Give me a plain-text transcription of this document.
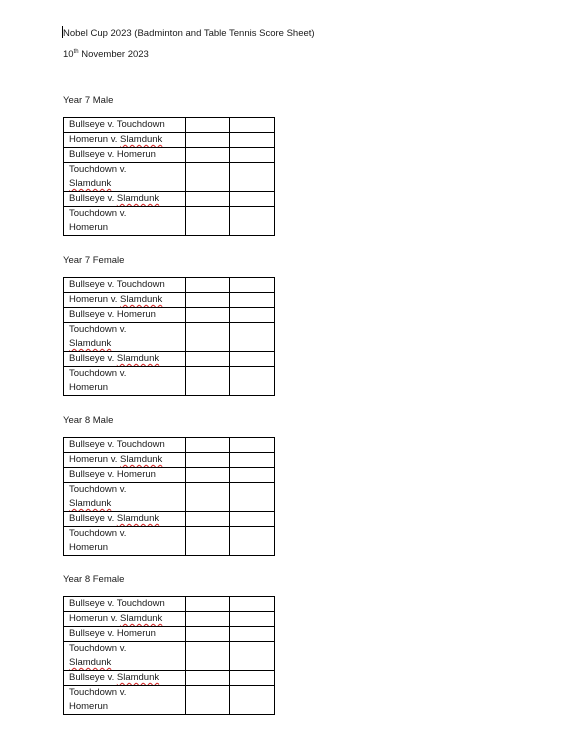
Nobel Cup 2023 (Badminton and Table Tennis Score Sheet)
10th November 2023
Year 7 Male
Bullseye v. Touchdown		
Homerun v. Slamdunk		
Bullseye v. Homerun		
Touchdown v.
Slamdunk		
Bullseye v. Slamdunk		
Touchdown v.
Homerun		
Year 7 Female
Bullseye v. Touchdown		
Homerun v. Slamdunk		
Bullseye v. Homerun		
Touchdown v.
Slamdunk		
Bullseye v. Slamdunk		
Touchdown v.
Homerun		
Year 8 Male
Bullseye v. Touchdown		
Homerun v. Slamdunk		
Bullseye v. Homerun		
Touchdown v.
Slamdunk		
Bullseye v. Slamdunk		
Touchdown v.
Homerun		
Year 8 Female
Bullseye v. Touchdown		
Homerun v. Slamdunk		
Bullseye v. Homerun		
Touchdown v.
Slamdunk		
Bullseye v. Slamdunk		
Touchdown v.
Homerun		
